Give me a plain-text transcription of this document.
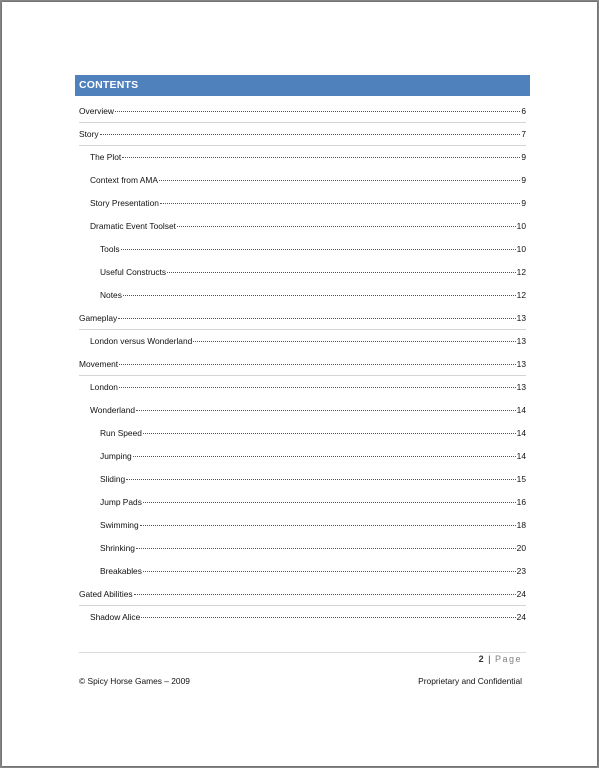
CONTENTS
Overview	6
Story	7
The Plot	9
Context from AMA	9
Story Presentation	9
Dramatic Event Toolset	10
Tools	10
Useful Constructs	12
Notes	12
Gameplay	13
London versus Wonderland	13
Movement	13
London	13
Wonderland	14
Run Speed	14
Jumping	14
Sliding	15
Jump Pads	16
Swimming	18
Shrinking	20
Breakables	23
Gated Abilities	24
Shadow Alice	24
2 | Page
© Spicy Horse Games – 2009	Proprietary and Confidential
